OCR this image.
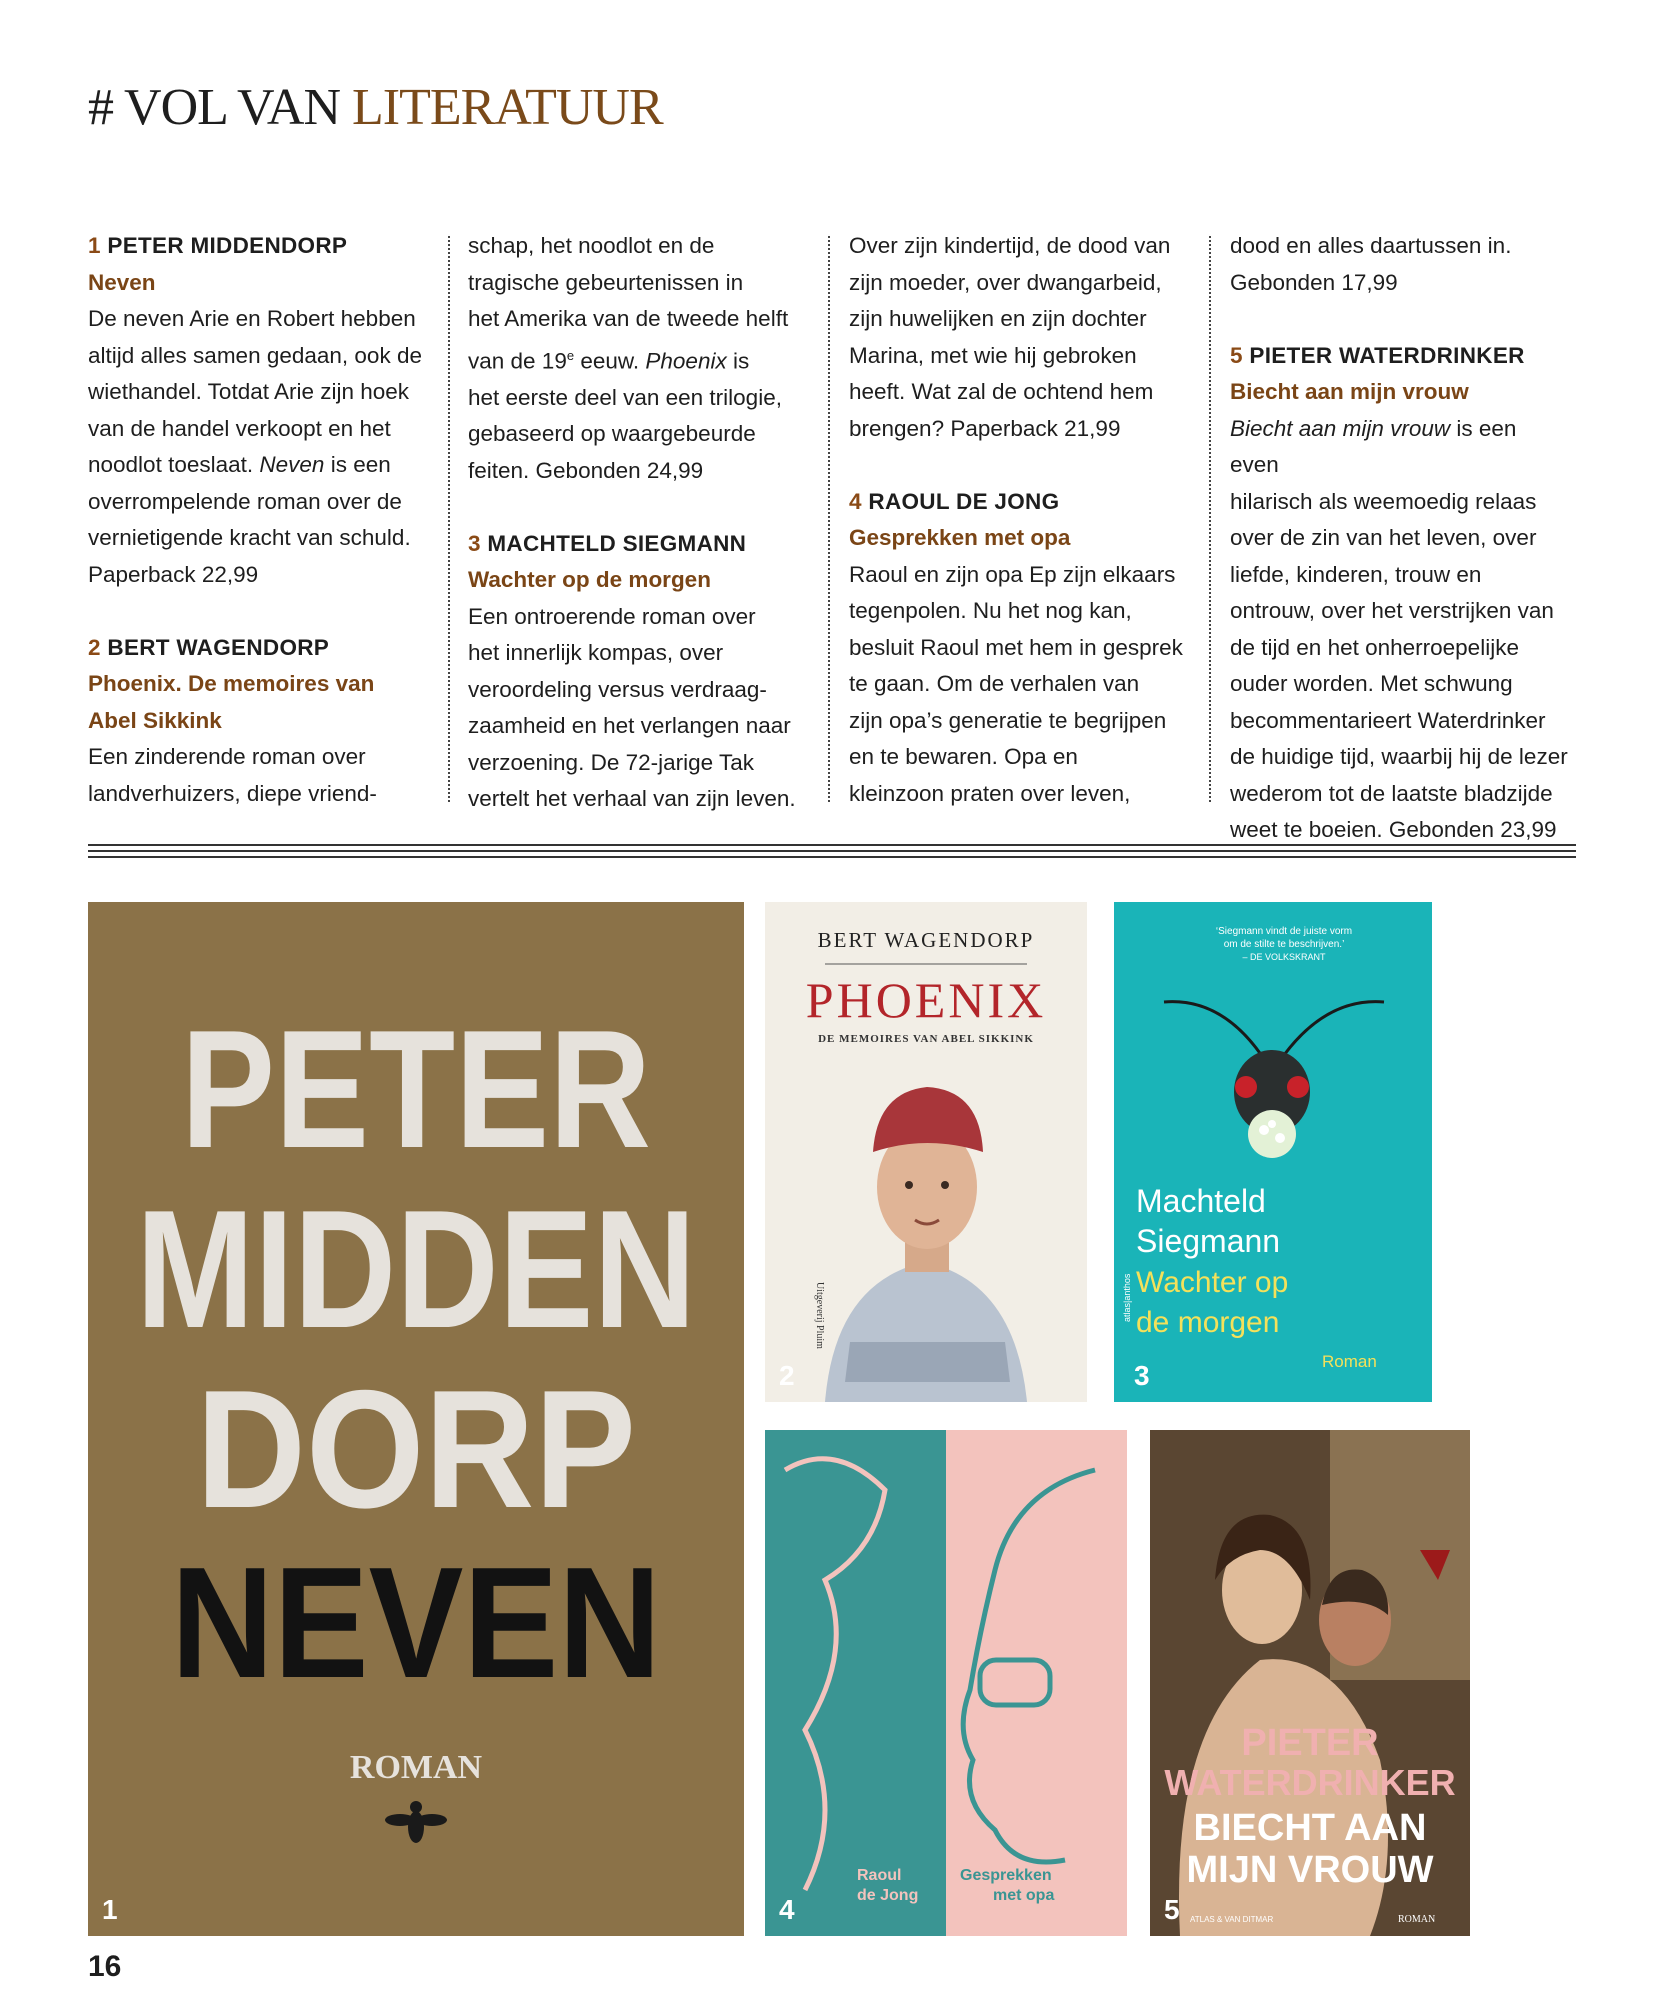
# VOL VAN LITERATUUR

1 PETER MIDDENDORP

Neven

De neven Arie en Robert hebben

altijd alles samen gedaan, ook de

wiethandel. Totdat Arie zijn hoek

van de handel verkoopt en het

noodlot toeslaat. Neven is een

overrompelende roman over de

vernietigende kracht van schuld.

Paperback 22,99

2 BERT WAGENDORP

Phoenix. De memoires van

Abel Sikkink

Een zinderende roman over

landverhuizers, diepe vriend-

schap, het noodlot en de

tragische gebeurtenissen in

het Amerika van de tweede helft

van de 19e eeuw. Phoenix is

het eerste deel van een trilogie,

gebaseerd op waargebeurde

feiten. Gebonden 24,99

3 MACHTELD SIEGMANN

Wachter op de morgen

Een ontroerende roman over

het innerlijk kompas, over

veroordeling versus verdraag-

zaamheid en het verlangen naar

verzoening. De 72-jarige Tak

vertelt het verhaal van zijn leven.

Over zijn kindertijd, de dood van

zijn moeder, over dwangarbeid,

zijn huwelijken en zijn dochter

Marina, met wie hij gebroken

heeft. Wat zal de ochtend hem

brengen? Paperback 21,99

4 RAOUL DE JONG

Gesprekken met opa

Raoul en zijn opa Ep zijn elkaars

tegenpolen. Nu het nog kan,

besluit Raoul met hem in gesprek

te gaan. Om de verhalen van

zijn opa’s generatie te begrijpen

en te bewaren. Opa en

kleinzoon praten over leven,

dood en alles daartussen in.

Gebonden 17,99

5 PIETER WATERDRINKER

Biecht aan mijn vrouw

Biecht aan mijn vrouw is een even

hilarisch als weemoedig relaas

over de zin van het leven, over

liefde, kinderen, trouw en

ontrouw, over het verstrijken van

de tijd en het onherroepelijke

ouder worden. Met schwung

becommentarieert Waterdrinker

de huidige tijd, waarbij hij de lezer

wederom tot de laatste bladzijde

weet te boeien. Gebonden 23,99

PETER
MIDDEN
DORP
NEVEN
ROMAN
1
BERT WAGENDORP
PHOENIX
DE MEMOIRES VAN ABEL SIKKINK
Uitgeverij Pluim
2
‘Siegmann vindt de juiste vorm
om de stilte te beschrijven.’
– DE VOLKSKRANT
Machteld
Siegmann
Wachter op
de morgen
Roman
atlas|anthos
3
Raoul
de Jong
Gesprekken
met opa
4
PIETER
WATERDRINKER
BIECHT AAN
MIJN VROUW
ATLAS & VAN DITMAR	ROMAN
5
16
